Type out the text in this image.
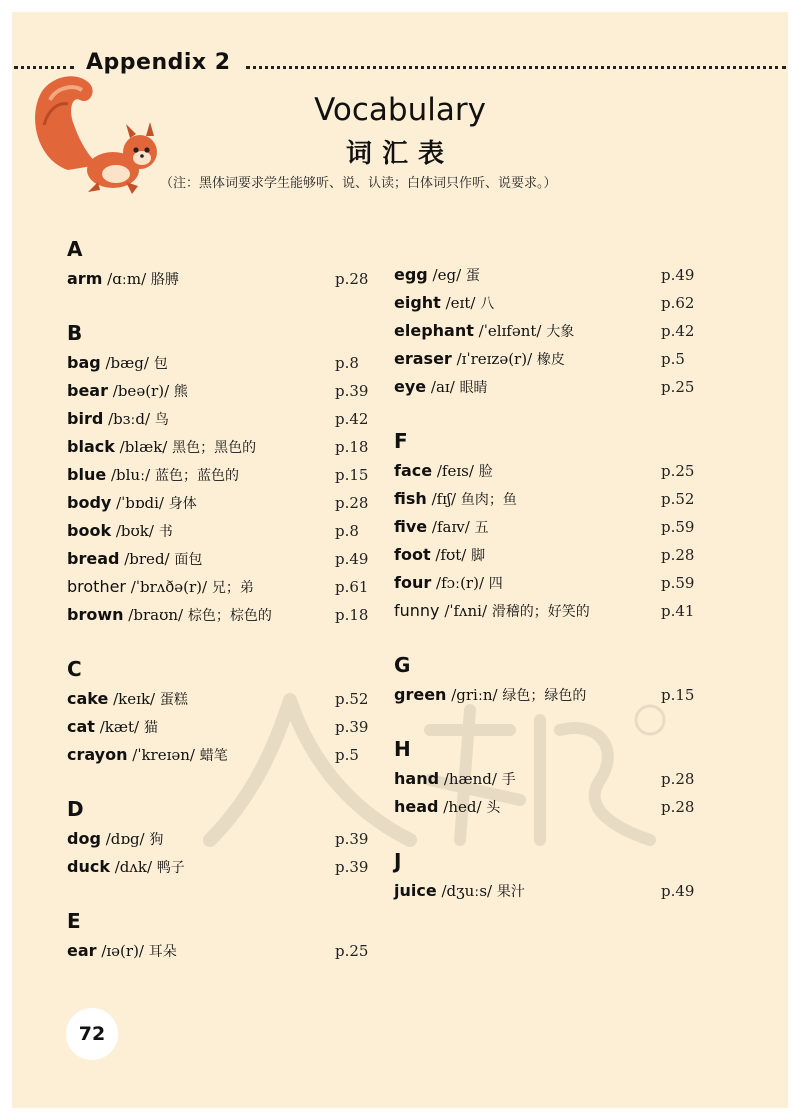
Appendix 2
Vocabulary
词汇表
（注：黑体词要求学生能够听、说、认读；白体词只作听、说要求。）
A
arm /ɑːm/ 胳膊	p.28
B
bag /bæg/ 包	p.8
bear /beə(r)/ 熊	p.39
bird /bɜːd/ 鸟	p.42
black /blæk/ 黑色；黑色的	p.18
blue /bluː/ 蓝色；蓝色的	p.15
body /ˈbɒdi/ 身体	p.28
book /bʊk/ 书	p.8
bread /bred/ 面包	p.49
brother /ˈbrʌðə(r)/ 兄；弟	p.61
brown /braʊn/ 棕色；棕色的	p.18
C
cake /keɪk/ 蛋糕	p.52
cat /kæt/ 猫	p.39
crayon /ˈkreɪən/ 蜡笔	p.5
D
dog /dɒg/ 狗	p.39
duck /dʌk/ 鸭子	p.39
E
ear /ɪə(r)/ 耳朵	p.25
egg /eg/ 蛋	p.49
eight /eɪt/ 八	p.62
elephant /ˈelɪfənt/ 大象	p.42
eraser /ɪˈreɪzə(r)/ 橡皮	p.5
eye /aɪ/ 眼睛	p.25
F
face /feɪs/ 脸	p.25
fish /fɪʃ/ 鱼肉；鱼	p.52
five /faɪv/ 五	p.59
foot /fʊt/ 脚	p.28
four /fɔː(r)/ 四	p.59
funny /ˈfʌni/ 滑稽的；好笑的	p.41
G
green /griːn/ 绿色；绿色的	p.15
H
hand /hænd/ 手	p.28
head /hed/ 头	p.28
J
juice /dʒuːs/ 果汁	p.49
72
